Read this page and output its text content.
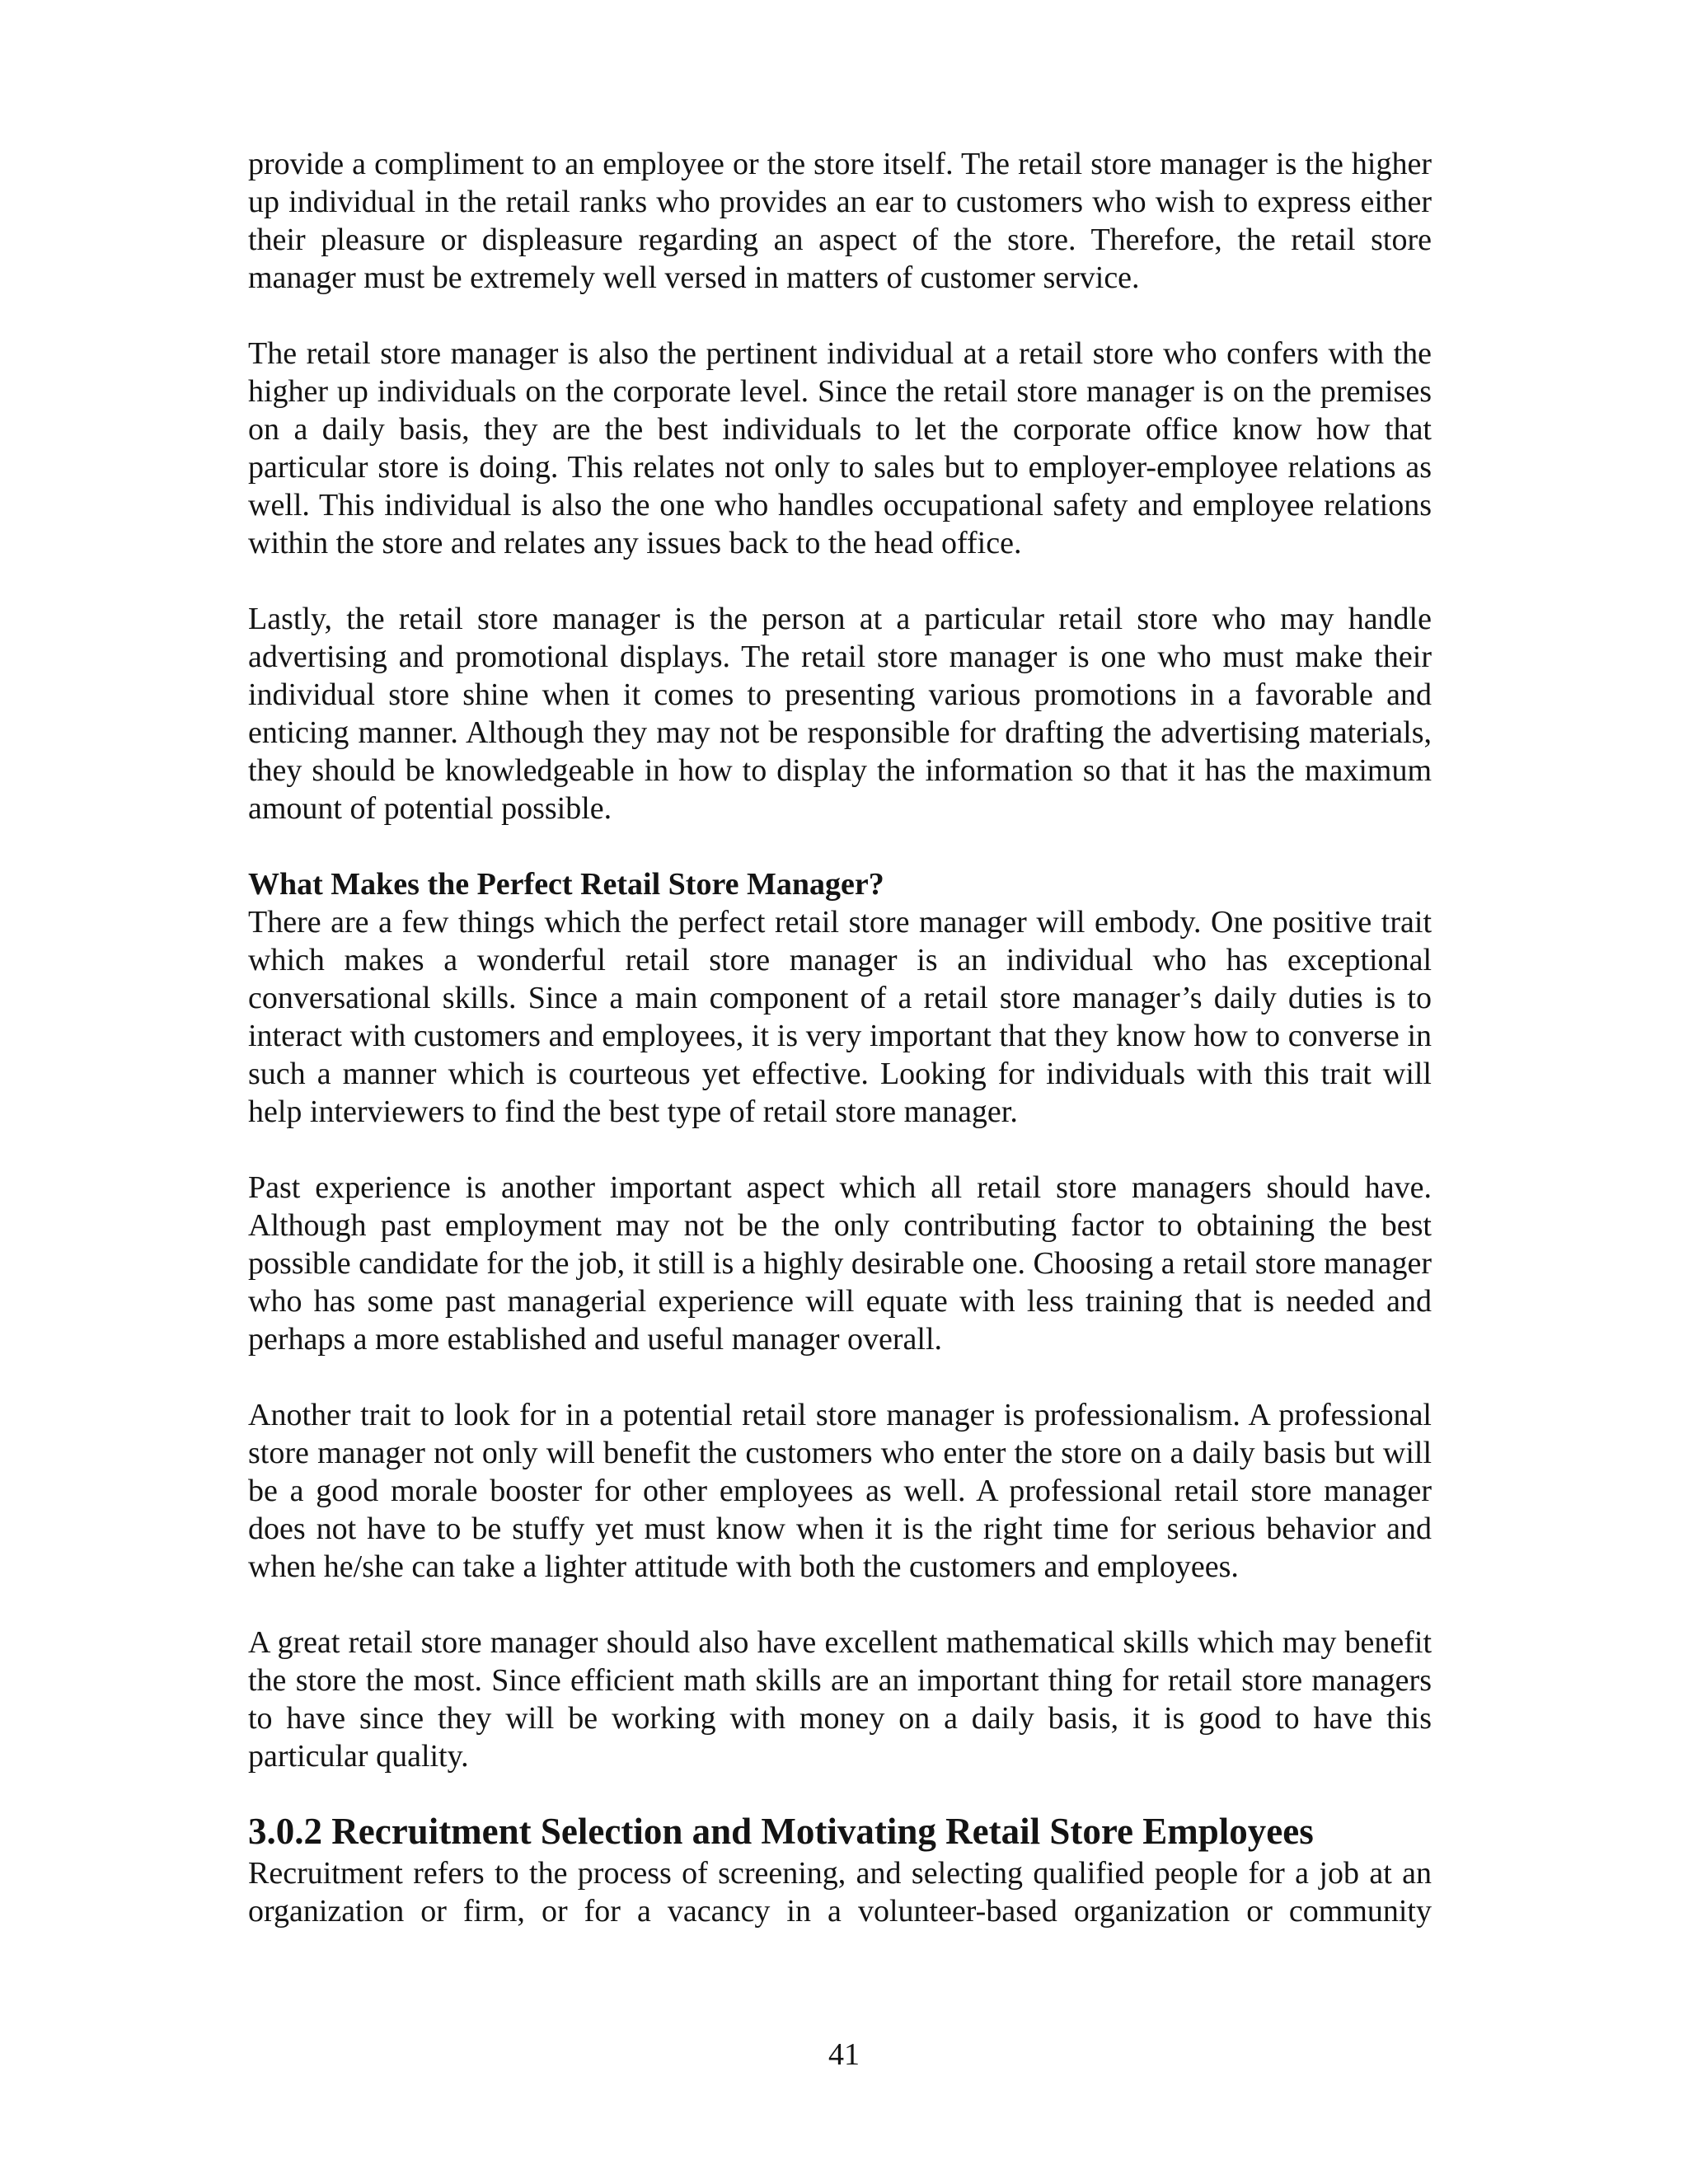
provide a compliment to an employee or the store itself. The retail store manager is the higher up individual in the retail ranks who provides an ear to customers who wish to express either their pleasure or displeasure regarding an aspect of the store. Therefore, the retail store manager must be extremely well versed in matters of customer service.

The retail store manager is also the pertinent individual at a retail store who confers with the higher up individuals on the corporate level. Since the retail store manager is on the premises on a daily basis, they are the best individuals to let the corporate office know how that particular store is doing. This relates not only to sales but to employer-employee relations as well. This individual is also the one who handles occupational safety and employee relations within the store and relates any issues back to the head office.

Lastly, the retail store manager is the person at a particular retail store who may handle advertising and promotional displays. The retail store manager is one who must make their individual store shine when it comes to presenting various promotions in a favorable and enticing manner. Although they may not be responsible for drafting the advertising materials, they should be knowledgeable in how to display the information so that it has the maximum amount of potential possible.

What Makes the Perfect Retail Store Manager?

There are a few things which the perfect retail store manager will embody. One positive trait which makes a wonderful retail store manager is an individual who has exceptional conversational skills. Since a main component of a retail store manager’s daily duties is to interact with customers and employees, it is very important that they know how to converse in such a manner which is courteous yet effective. Looking for individuals with this trait will help interviewers to find the best type of retail store manager.

Past experience is another important aspect which all retail store managers should have. Although past employment may not be the only contributing factor to obtaining the best possible candidate for the job, it still is a highly desirable one. Choosing a retail store manager who has some past managerial experience will equate with less training that is needed and perhaps a more established and useful manager overall.

Another trait to look for in a potential retail store manager is professionalism. A professional store manager not only will benefit the customers who enter the store on a daily basis but will be a good morale booster for other employees as well. A professional retail store manager does not have to be stuffy yet must know when it is the right time for serious behavior and when he/she can take a lighter attitude with both the customers and employees.

A great retail store manager should also have excellent mathematical skills which may benefit the store the most. Since efficient math skills are an important thing for retail store managers to have since they will be working with money on a daily basis, it is good to have this particular quality.

3.0.2 Recruitment Selection and Motivating Retail Store Employees

Recruitment refers to the process of screening, and selecting qualified people for a job at an organization or firm, or for a vacancy in a volunteer-based organization or community

41
